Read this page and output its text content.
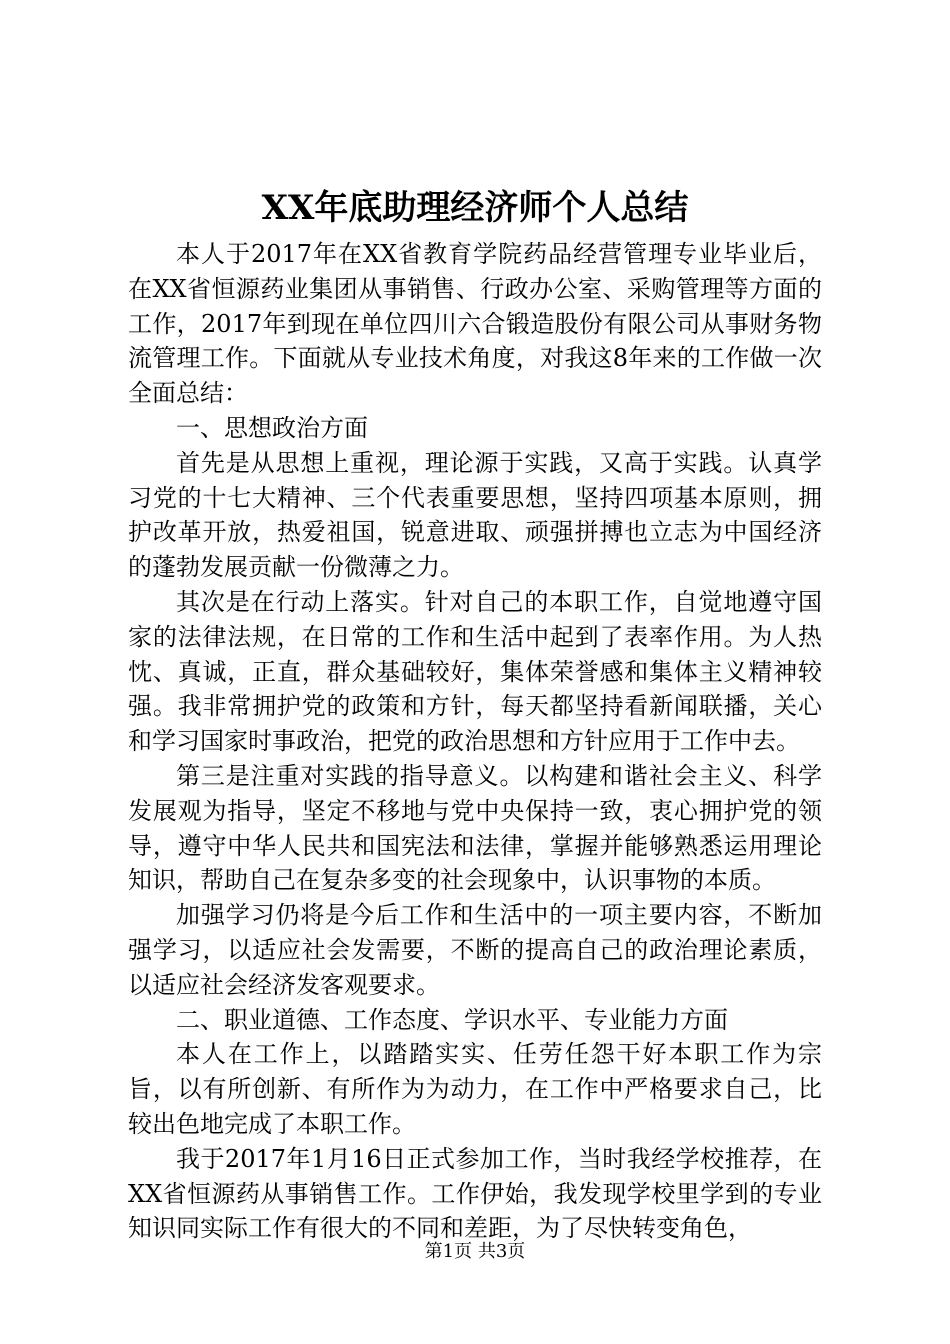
XX年底助理经济师个人总结

本人于2017年在XX省教育学院药品经营管理专业毕业后，在XX省恒源药业集团从事销售、行政办公室、采购管理等方面的工作，2017年到现在单位四川六合锻造股份有限公司从事财务物流管理工作。下面就从专业技术角度，对我这8年来的工作做一次全面总结：

一、思想政治方面

首先是从思想上重视，理论源于实践，又高于实践。认真学习党的十七大精神、三个代表重要思想，坚持四项基本原则，拥护改革开放，热爱祖国，锐意进取、顽强拼搏也立志为中国经济的蓬勃发展贡献一份微薄之力。

其次是在行动上落实。针对自己的本职工作，自觉地遵守国家的法律法规，在日常的工作和生活中起到了表率作用。为人热忱、真诚，正直，群众基础较好，集体荣誉感和集体主义精神较强。我非常拥护党的政策和方针，每天都坚持看新闻联播，关心和学习国家时事政治，把党的政治思想和方针应用于工作中去。

第三是注重对实践的指导意义。以构建和谐社会主义、科学发展观为指导，坚定不移地与党中央保持一致，衷心拥护党的领导，遵守中华人民共和国宪法和法律，掌握并能够熟悉运用理论知识，帮助自己在复杂多变的社会现象中，认识事物的本质。

加强学习仍将是今后工作和生活中的一项主要内容，不断加强学习，以适应社会发需要，不断的提高自己的政治理论素质，以适应社会经济发客观要求。

二、职业道德、工作态度、学识水平、专业能力方面

本人在工作上，以踏踏实实、任劳任怨干好本职工作为宗旨，以有所创新、有所作为为动力，在工作中严格要求自己，比较出色地完成了本职工作。

我于2017年1月16日正式参加工作，当时我经学校推荐，在XX省恒源药从事销售工作。工作伊始，我发现学校里学到的专业知识同实际工作有很大的不同和差距，为了尽快转变角色，

第1页 共3页
